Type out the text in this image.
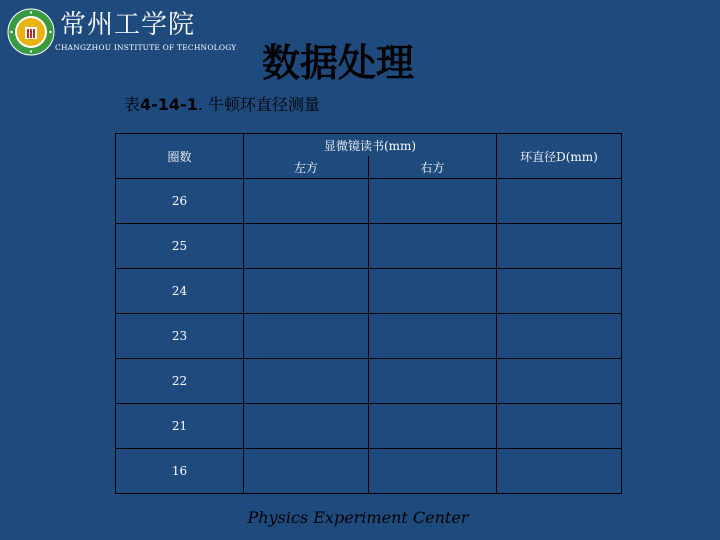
常州工学院
CHANGZHOU INSTITUTE OF TECHNOLOGY 数据处理
表4-14-1. 牛顿环直径测量
圈数	显微镜读书(mm)		环直径D(mm)
	左方	右方	
26			
25			
24			
23			
22			
21			
16			
Physics Experiment Center
